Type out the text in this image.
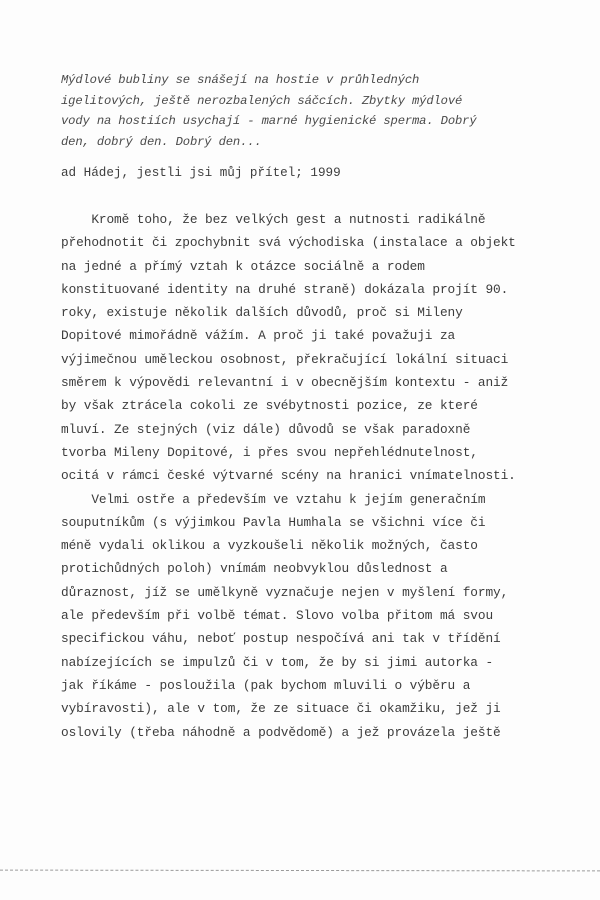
Mýdlové bubliny se snášejí na hostie v průhledných
igelitových, ještě nerozbalených sáčcích. Zbytky mýdlové
vody na hostiích usychají - marné hygienické sperma. Dobrý
den, dobrý den. Dobrý den...
ad Hádej, jestli jsi můj přítel; 1999
Kromě toho, že bez velkých gest a nutnosti radikálně
přehodnotit či zpochybnit svá východiska (instalace a objekt
na jedné a přímý vztah k otázce sociálně a rodem
konstituované identity na druhé straně) dokázala projít 90.
roky, existuje několik dalších důvodů, proč si Mileny
Dopitové mimořádně vážím. A proč ji také považuji za
výjimečnou uměleckou osobnost, překračující lokální situaci
směrem k výpovědi relevantní i v obecnějším kontextu - aniž
by však ztrácela cokoli ze svébytnosti pozice, ze které
mluví. Ze stejných (viz dále) důvodů se však paradoxně
tvorba Mileny Dopitové, i přes svou nepřehlédnutelnost,
ocitá v rámci české výtvarné scény na hranici vnímatelnosti.
Velmi ostře a především ve vztahu k jejím generačním
souputníkům (s výjimkou Pavla Humhala se všichni více či
méně vydali oklikou a vyzkoušeli několik možných, často
protichůdných poloh) vnímám neobvyklou důslednost a
důraznost, jíž se umělkyně vyznačuje nejen v myšlení formy,
ale především při volbě témat. Slovo volba přitom má svou
specifickou váhu, neboť postup nespočívá ani tak v třídění
nabízejících se impulzů či v tom, že by si jimi autorka -
jak říkáme - posloužila (pak bychom mluvili o výběru a
vybíravosti), ale v tom, že ze situace či okamžiku, jež ji
oslovily (třeba náhodně a podvědomě) a jež provázela ještě
